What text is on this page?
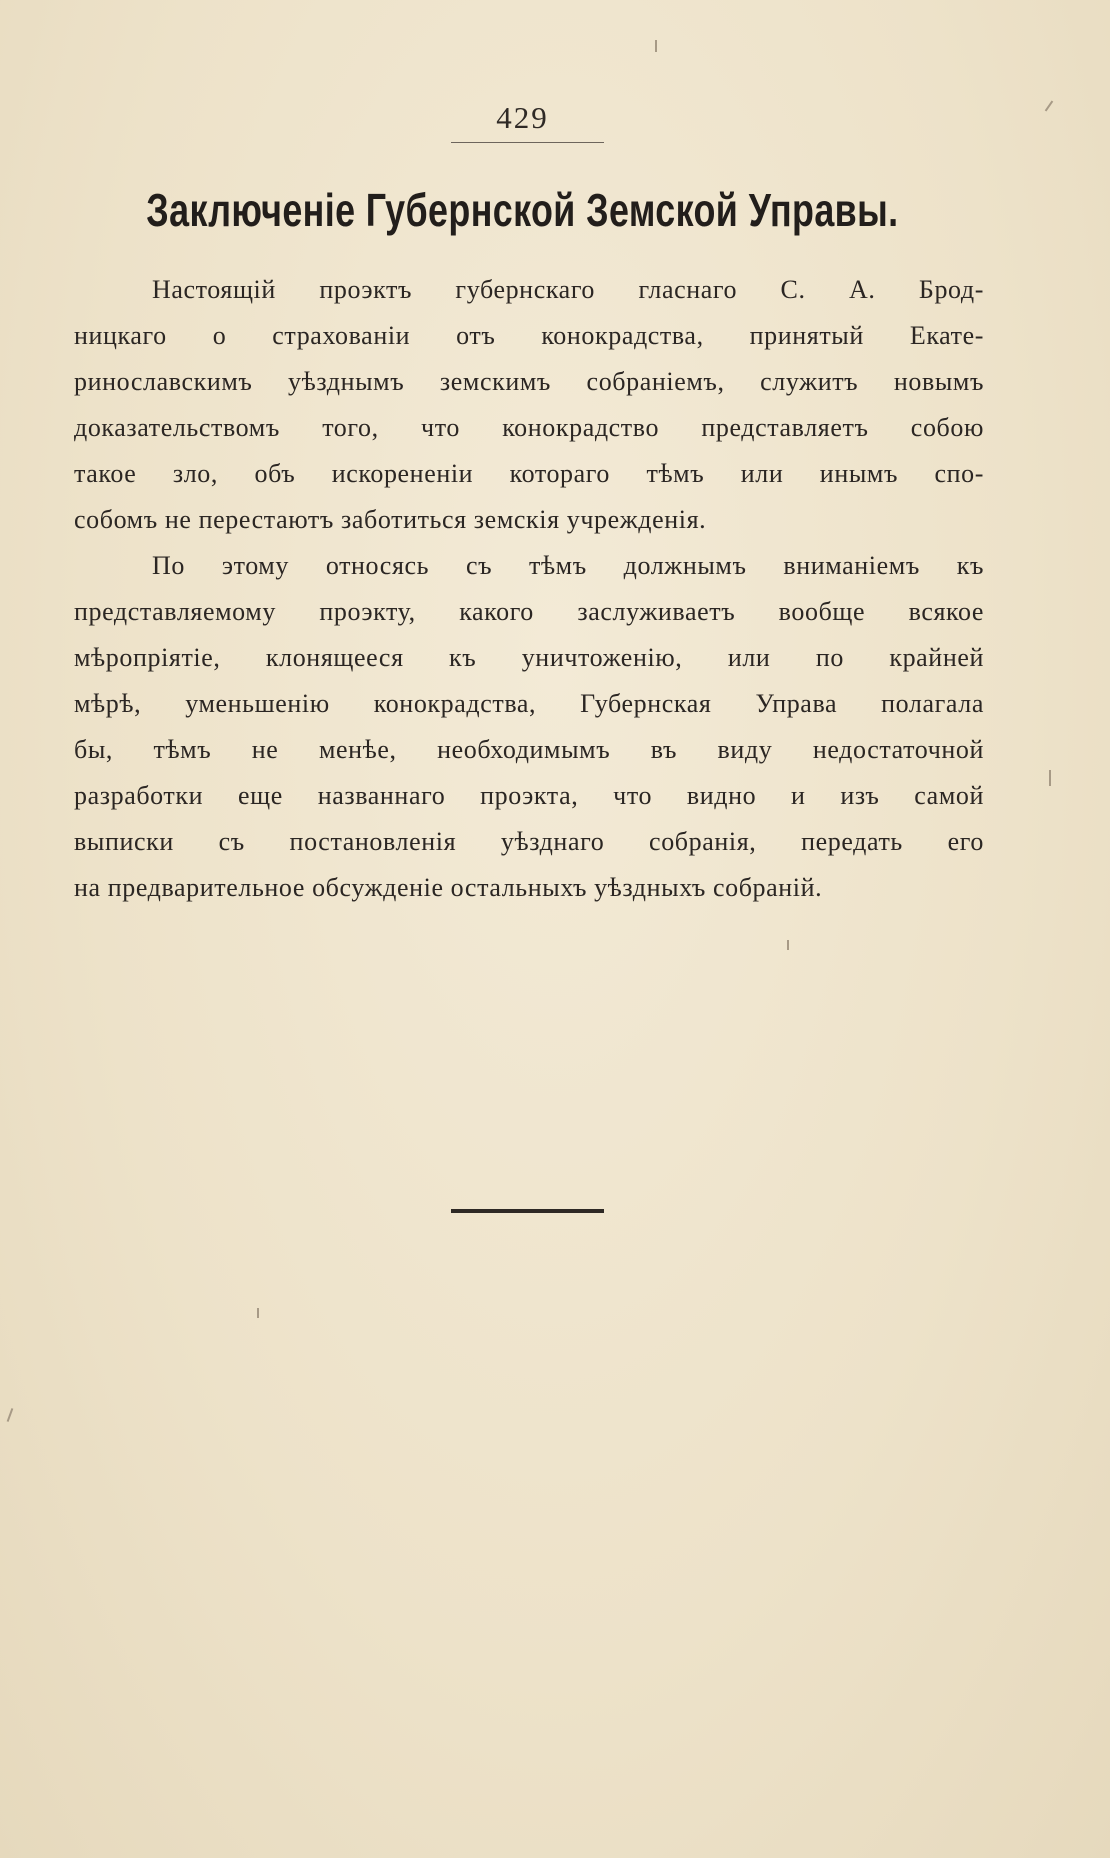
429
Заключенiе Губернской Земской Управы.
Настоящiй проэктъ губернскаго гласнаго С. А. Брод-
ницкаго о страхованiи отъ конокрадства, принятый Екате-
ринославскимъ уѣзднымъ земскимъ собранiемъ, служитъ новымъ
доказательствомъ того, что конокрадство представляетъ собою
такое зло, объ искорененiи котораго тѣмъ или инымъ спо-
собомъ не перестаютъ заботиться земскiя учрежденiя.
По этому относясь съ тѣмъ должнымъ вниманiемъ къ
представляемому проэкту, какого заслуживаетъ вообще всякое
мѣропрiятiе, клонящееся къ уничтоженiю, или по крайней
мѣрѣ, уменьшенiю конокрадства, Губернская Управа полагала
бы, тѣмъ не менѣе, необходимымъ въ виду недостаточной
разработки еще названнаго проэкта, что видно и изъ самой
выписки съ постановленiя уѣзднаго собранiя, передать его
на предварительное обсужденiе остальныхъ уѣздныхъ собранiй.
